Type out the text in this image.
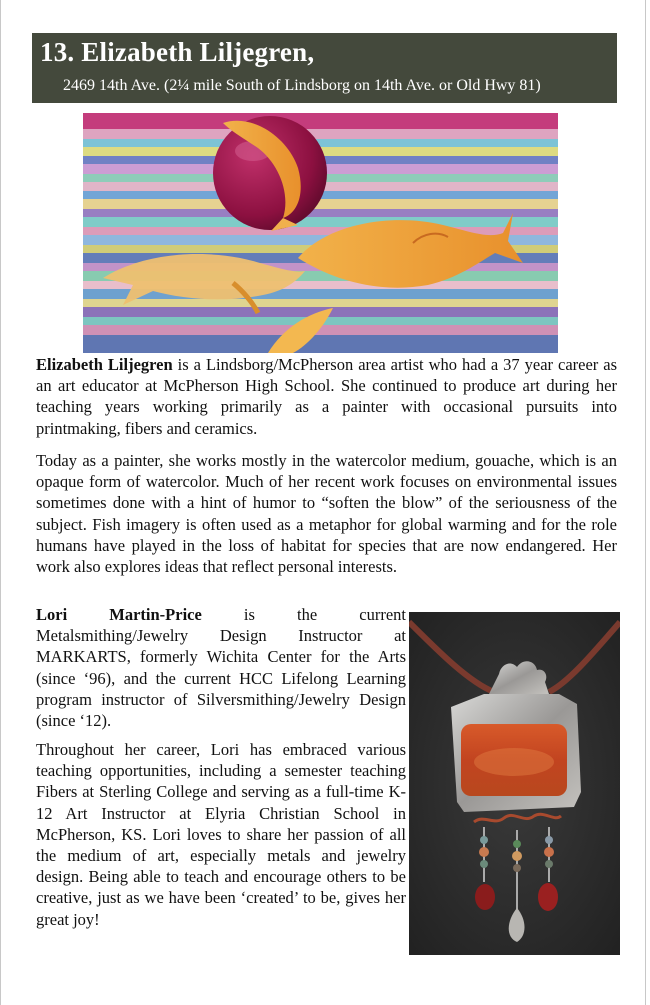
13. Elizabeth Liljegren,
2469 14th Ave. (2¼ mile South of Lindsborg on 14th Ave. or Old Hwy 81)

Elizabeth Liljegren is a Lindsborg/McPherson area artist who had a 37 year career as an art educator at McPherson High School. She continued to produce art during her teaching years working primarily as a painter with occasional pursuits into printmaking, fibers and ceramics.

Today as a painter, she works mostly in the watercolor medium, gouache, which is an opaque form of watercolor. Much of her recent work focuses on environmental issues sometimes done with a hint of humor to “soften the blow” of the seriousness of the subject. Fish imagery is often used as a metaphor for global warming and for the role humans have played in the loss of habitat for species that are now endangered. Her work also explores ideas that reflect personal interests.

Lori Martin-Price is the current Metalsmithing/Jewelry Design Instructor at MARKARTS, formerly Wichita Center for the Arts (since ‘96), and the current HCC Lifelong Learning program instructor of Silversmithing/Jewelry Design (since ‘12).

Throughout her career, Lori has embraced various teaching opportunities, including a semester teaching Fibers at Sterling College and serving as a full-time K-12 Art Instructor at Elyria Christian School in McPherson, KS. Lori loves to share her passion of all the medium of art, especially metals and jewelry design. Being able to teach and encourage others to be creative, just as we have been ‘created’ to be, gives her great joy!
